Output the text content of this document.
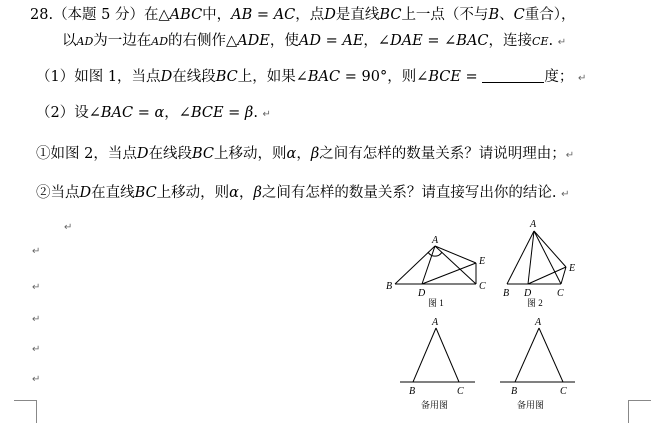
28.（本题 5 分）在△ABC中，AB = AC，点D是直线BC上一点（不与B、C重合），
以AD为一边在AD的右侧作△ADE，使AD = AE，∠DAE = ∠BAC，连接CE. ↵
（1）如图 1，当点D在线段BC上，如果∠BAC = 90°，则∠BCE =	度； ↵
（2）设∠BAC = α，∠BCE = β. ↵
①如图 2，当点D在线段BC上移动，则α，β之间有怎样的数量关系？请说明理由；↵
②当点D在直线BC上移动，则α，β之间有怎样的数量关系？请直接写出你的结论. ↵
↵
↵
↵
↵
↵
↵
A
B	C
D
E
图 1
A
B	C
D
E
图 2
A
B	C
备用图
A
B	C
备用图
